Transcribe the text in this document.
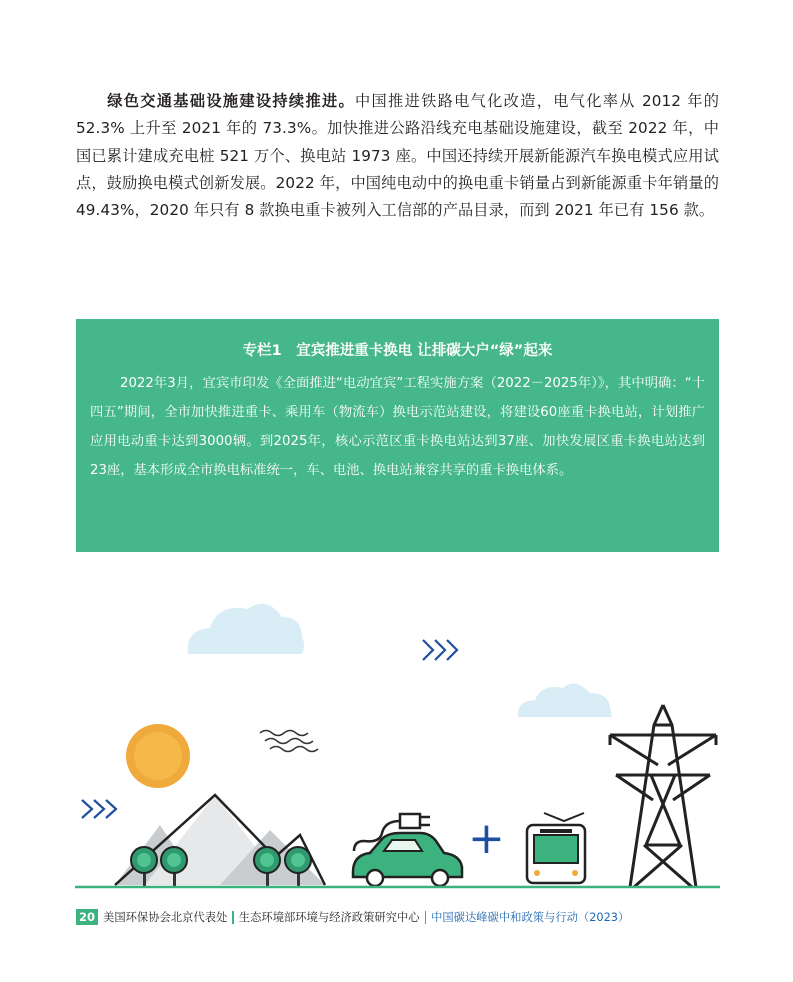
绿色交通基础设施建设持续推进。中国推进铁路电气化改造，电气化率从 2012 年的 52.3% 上升至 2021 年的 73.3%。加快推进公路沿线充电基础设施建设，截至 2022 年，中国已累计建成充电桩 521 万个、换电站 1973 座。中国还持续开展新能源汽车换电模式应用试点，鼓励换电模式创新发展。2022 年，中国纯电动中的换电重卡销量占到新能源重卡年销量的 49.43%，2020 年只有 8 款换电重卡被列入工信部的产品目录，而到 2021 年已有 156 款。
专栏1　宜宾推进重卡换电 让排碳大户“绿”起来
2022年3月，宜宾市印发《全面推进“电动宜宾”工程实施方案（2022－2025年）》，其中明确：“十四五”期间，全市加快推进重卡、乘用车（物流车）换电示范站建设，将建设60座重卡换电站，计划推广应用电动重卡达到3000辆。到2025年，核心示范区重卡换电站达到37座、加快发展区重卡换电站达到23座，基本形成全市换电标准统一，车、电池、换电站兼容共享的重卡换电体系。
+
20 美国环保协会北京代表处 生态环境部环境与经济政策研究中心 中国碳达峰碳中和政策与行动（2023）
